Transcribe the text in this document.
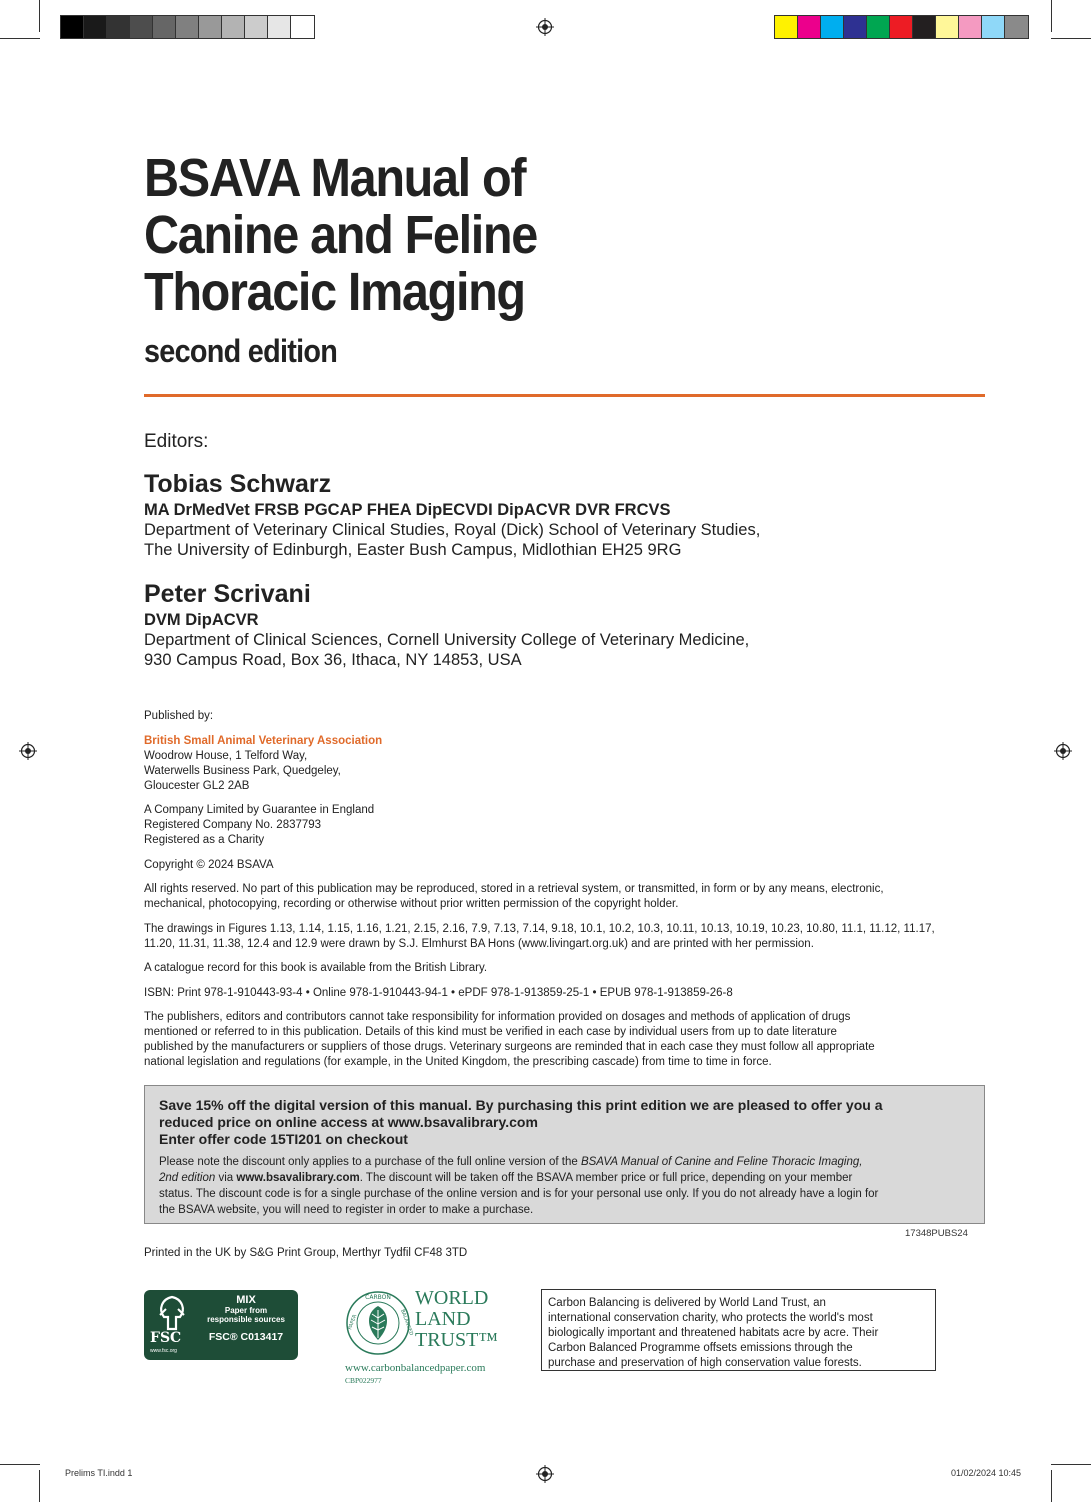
BSAVA Manual of
Canine and Feline
Thoracic Imaging
second edition
Editors:
Tobias Schwarz
MA DrMedVet FRSB PGCAP FHEA DipECVDI DipACVR DVR FRCVS
Department of Veterinary Clinical Studies, Royal (Dick) School of Veterinary Studies,
The University of Edinburgh, Easter Bush Campus, Midlothian EH25 9RG
Peter Scrivani
DVM DipACVR
Department of Clinical Sciences, Cornell University College of Veterinary Medicine,
930 Campus Road, Box 36, Ithaca, NY 14853, USA
Published by:
British Small Animal Veterinary Association
Woodrow House, 1 Telford Way,
Waterwells Business Park, Quedgeley,
Gloucester GL2 2AB
A Company Limited by Guarantee in England
Registered Company No. 2837793
Registered as a Charity
Copyright © 2024 BSAVA
All rights reserved. No part of this publication may be reproduced, stored in a retrieval system, or transmitted, in form or by any means, electronic,
mechanical, photocopying, recording or otherwise without prior written permission of the copyright holder.
The drawings in Figures 1.13, 1.14, 1.15, 1.16, 1.21, 2.15, 2.16, 7.9, 7.13, 7.14, 9.18, 10.1, 10.2, 10.3, 10.11, 10.13, 10.19, 10.23, 10.80, 11.1, 11.12, 11.17,
11.20, 11.31, 11.38, 12.4 and 12.9 were drawn by S.J. Elmhurst BA Hons (www.livingart.org.uk) and are printed with her permission.
A catalogue record for this book is available from the British Library.
ISBN: Print 978-1-910443-93-4 • Online 978-1-910443-94-1 • ePDF 978-1-913859-25-1 • EPUB 978-1-913859-26-8
The publishers, editors and contributors cannot take responsibility for information provided on dosages and methods of application of drugs
mentioned or referred to in this publication. Details of this kind must be verified in each case by individual users from up to date literature
published by the manufacturers or suppliers of those drugs. Veterinary surgeons are reminded that in each case they must follow all appropriate
national legislation and regulations (for example, in the United Kingdom, the prescribing cascade) from time to time in force.
Save 15% off the digital version of this manual. By purchasing this print edition we are pleased to offer you a
reduced price on online access at www.bsavalibrary.com
Enter offer code 15TI201 on checkout
Please note the discount only applies to a purchase of the full online version of the BSAVA Manual of Canine and Feline Thoracic Imaging,
2nd edition via www.bsavalibrary.com. The discount will be taken off the BSAVA member price or full price, depending on your member
status. The discount code is for a single purchase of the online version and is for your personal use only. If you do not already have a login for
the BSAVA website, you will need to register in order to make a purchase.
17348PUBS24
Printed in the UK by S&G Print Group, Merthyr Tydfil CF48 3TD
FSC
www.fsc.org
MIX
Paper from
responsible sources
FSC® C013417
CARBON
PAPER	BALANCED
WORLD
LAND
TRUST™
www.carbonbalancedpaper.com
CBP022977
Carbon Balancing is delivered by World Land Trust, an
international conservation charity, who protects the world's most
biologically important and threatened habitats acre by acre. Their
Carbon Balanced Programme offsets emissions through the
purchase and preservation of high conservation value forests.
Prelims TI.indd 1	01/02/2024 10:45
